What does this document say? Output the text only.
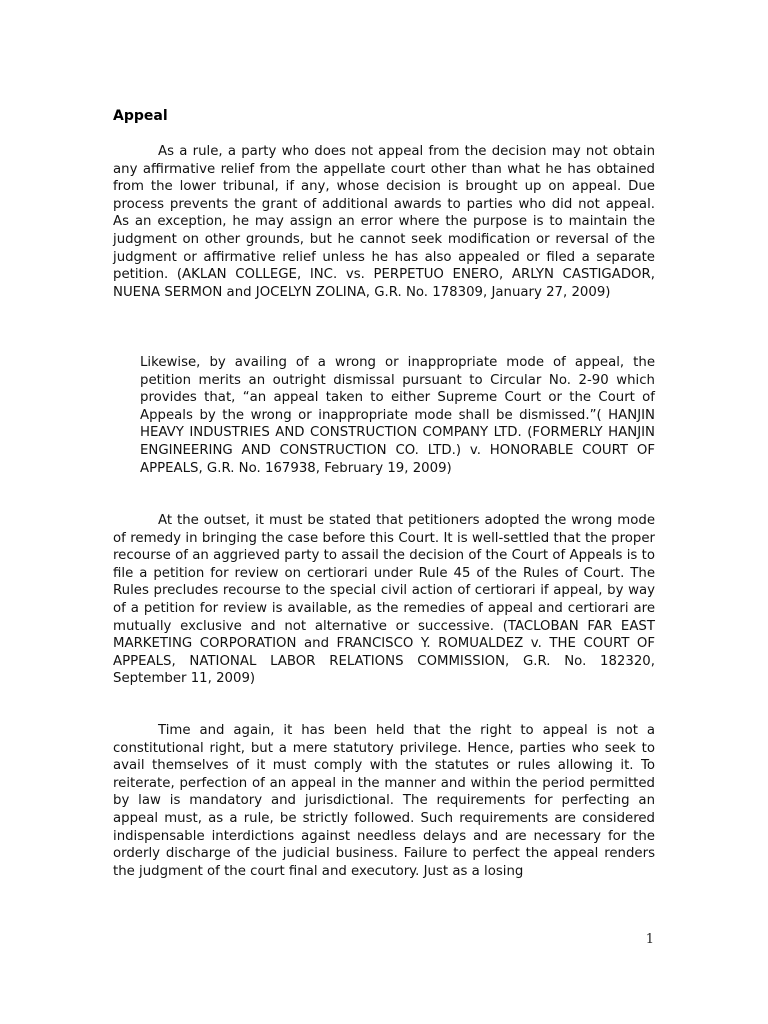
Appeal

As a rule, a party who does not appeal from the decision may not obtain any affirmative relief from the appellate court other than what he has obtained from the lower tribunal, if any, whose decision is brought up on appeal. Due process prevents the grant of additional awards to parties who did not appeal. As an exception, he may assign an error where the purpose is to maintain the judgment on other grounds, but he cannot seek modification or reversal of the judgment or affirmative relief unless he has also appealed or filed a separate petition. (AKLAN COLLEGE, INC. vs. PERPETUO ENERO, ARLYN CASTIGADOR, NUENA SERMON and JOCELYN ZOLINA, G.R. No. 178309, January 27, 2009)

Likewise, by availing of a wrong or inappropriate mode of appeal, the petition merits an outright dismissal pursuant to Circular No. 2-90 which provides that, “an appeal taken to either Supreme Court or the Court of Appeals by the wrong or inappropriate mode shall be dismissed.”( HANJIN HEAVY INDUSTRIES AND CONSTRUCTION COMPANY LTD. (FORMERLY HANJIN ENGINEERING AND CONSTRUCTION CO. LTD.) v. HONORABLE COURT OF APPEALS, G.R. No. 167938, February 19, 2009)

At the outset, it must be stated that petitioners adopted the wrong mode of remedy in bringing the case before this Court. It is well-settled that the proper recourse of an aggrieved party to assail the decision of the Court of Appeals is to file a petition for review on certiorari under Rule 45 of the Rules of Court. The Rules precludes recourse to the special civil action of certiorari if appeal, by way of a petition for review is available, as the remedies of appeal and certiorari are mutually exclusive and not alternative or successive. (TACLOBAN FAR EAST MARKETING CORPORATION and FRANCISCO Y. ROMUALDEZ v. THE COURT OF APPEALS, NATIONAL LABOR RELATIONS COMMISSION, G.R. No. 182320, September 11, 2009)

Time and again, it has been held that the right to appeal is not a constitutional right, but a mere statutory privilege. Hence, parties who seek to avail themselves of it must comply with the statutes or rules allowing it. To reiterate, perfection of an appeal in the manner and within the period permitted by law is mandatory and jurisdictional. The requirements for perfecting an appeal must, as a rule, be strictly followed. Such requirements are considered indispensable interdictions against needless delays and are necessary for the orderly discharge of the judicial business. Failure to perfect the appeal renders the judgment of the court final and executory. Just as a losing

1
